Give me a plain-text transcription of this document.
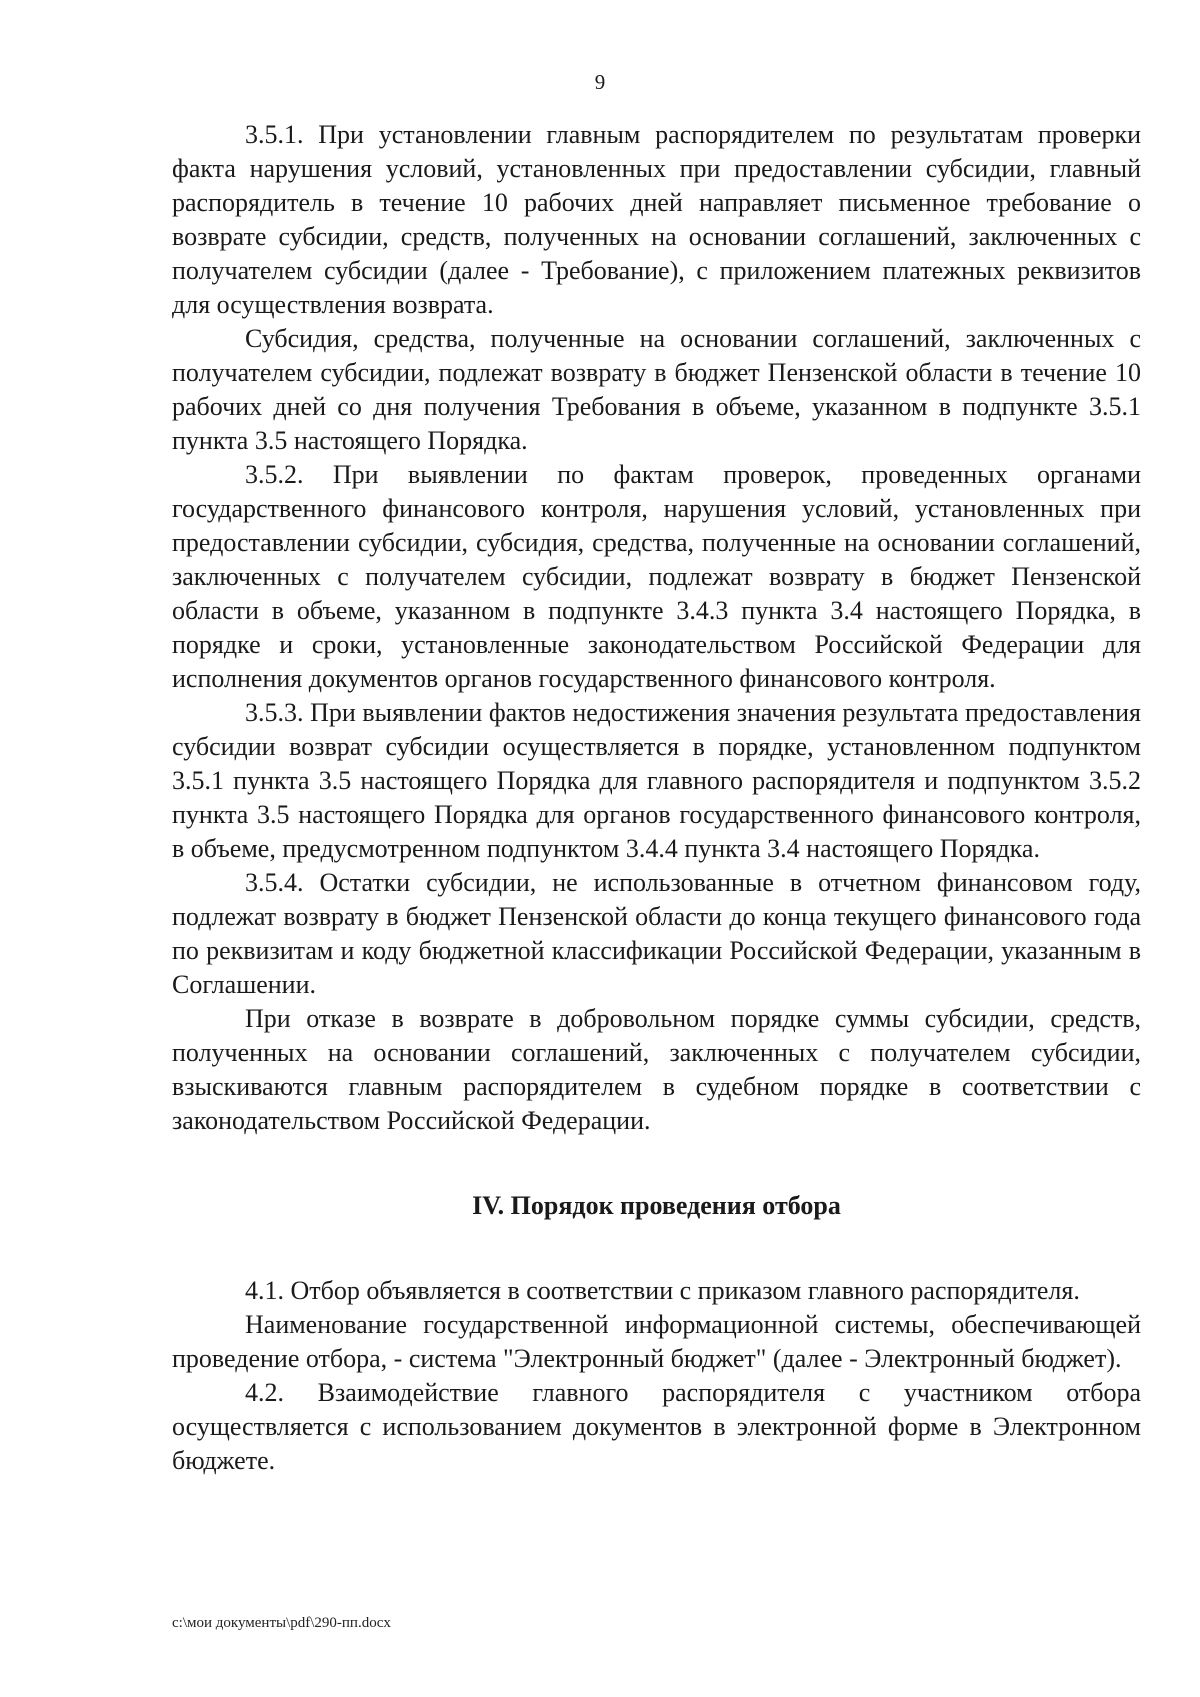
9

3.5.1. При установлении главным распорядителем по результатам проверки факта нарушения условий, установленных при предоставлении субсидии, главный распорядитель в течение 10 рабочих дней направляет письменное требование о возврате субсидии, средств, полученных на основании соглашений, заключенных с получателем субсидии (далее - Требование), с приложением платежных реквизитов для осуществления возврата.

Субсидия, средства, полученные на основании соглашений, заключенных с получателем субсидии, подлежат возврату в бюджет Пензенской области в течение 10 рабочих дней со дня получения Требования в объеме, указанном в подпункте 3.5.1 пункта 3.5 настоящего Порядка.

3.5.2. При выявлении по фактам проверок, проведенных органами государственного финансового контроля, нарушения условий, установленных при предоставлении субсидии, субсидия, средства, полученные на основании соглашений, заключенных с получателем субсидии, подлежат возврату в бюджет Пензенской области в объеме, указанном в подпункте 3.4.3 пункта 3.4 настоящего Порядка, в порядке и сроки, установленные законодательством Российской Федерации для исполнения документов органов государственного финансового контроля.

3.5.3. При выявлении фактов недостижения значения результата предоставления субсидии возврат субсидии осуществляется в порядке, установленном подпунктом 3.5.1 пункта 3.5 настоящего Порядка для главного распорядителя и подпунктом 3.5.2 пункта 3.5 настоящего Порядка для органов государственного финансового контроля, в объеме, предусмотренном подпунктом 3.4.4 пункта 3.4 настоящего Порядка.

3.5.4. Остатки субсидии, не использованные в отчетном финансовом году, подлежат возврату в бюджет Пензенской области до конца текущего финансового года по реквизитам и коду бюджетной классификации Российской Федерации, указанным в Соглашении.

При отказе в возврате в добровольном порядке суммы субсидии, средств, полученных на основании соглашений, заключенных с получателем субсидии, взыскиваются главным распорядителем в судебном порядке в соответствии с законодательством Российской Федерации.

IV. Порядок проведения отбора

4.1. Отбор объявляется в соответствии с приказом главного распорядителя.

Наименование государственной информационной системы, обеспечивающей проведение отбора, - система "Электронный бюджет" (далее - Электронный бюджет).

4.2. Взаимодействие главного распорядителя с участником отбора осуществляется с использованием документов в электронной форме в Электронном бюджете.

c:\мои документы\pdf\290-пп.docx
